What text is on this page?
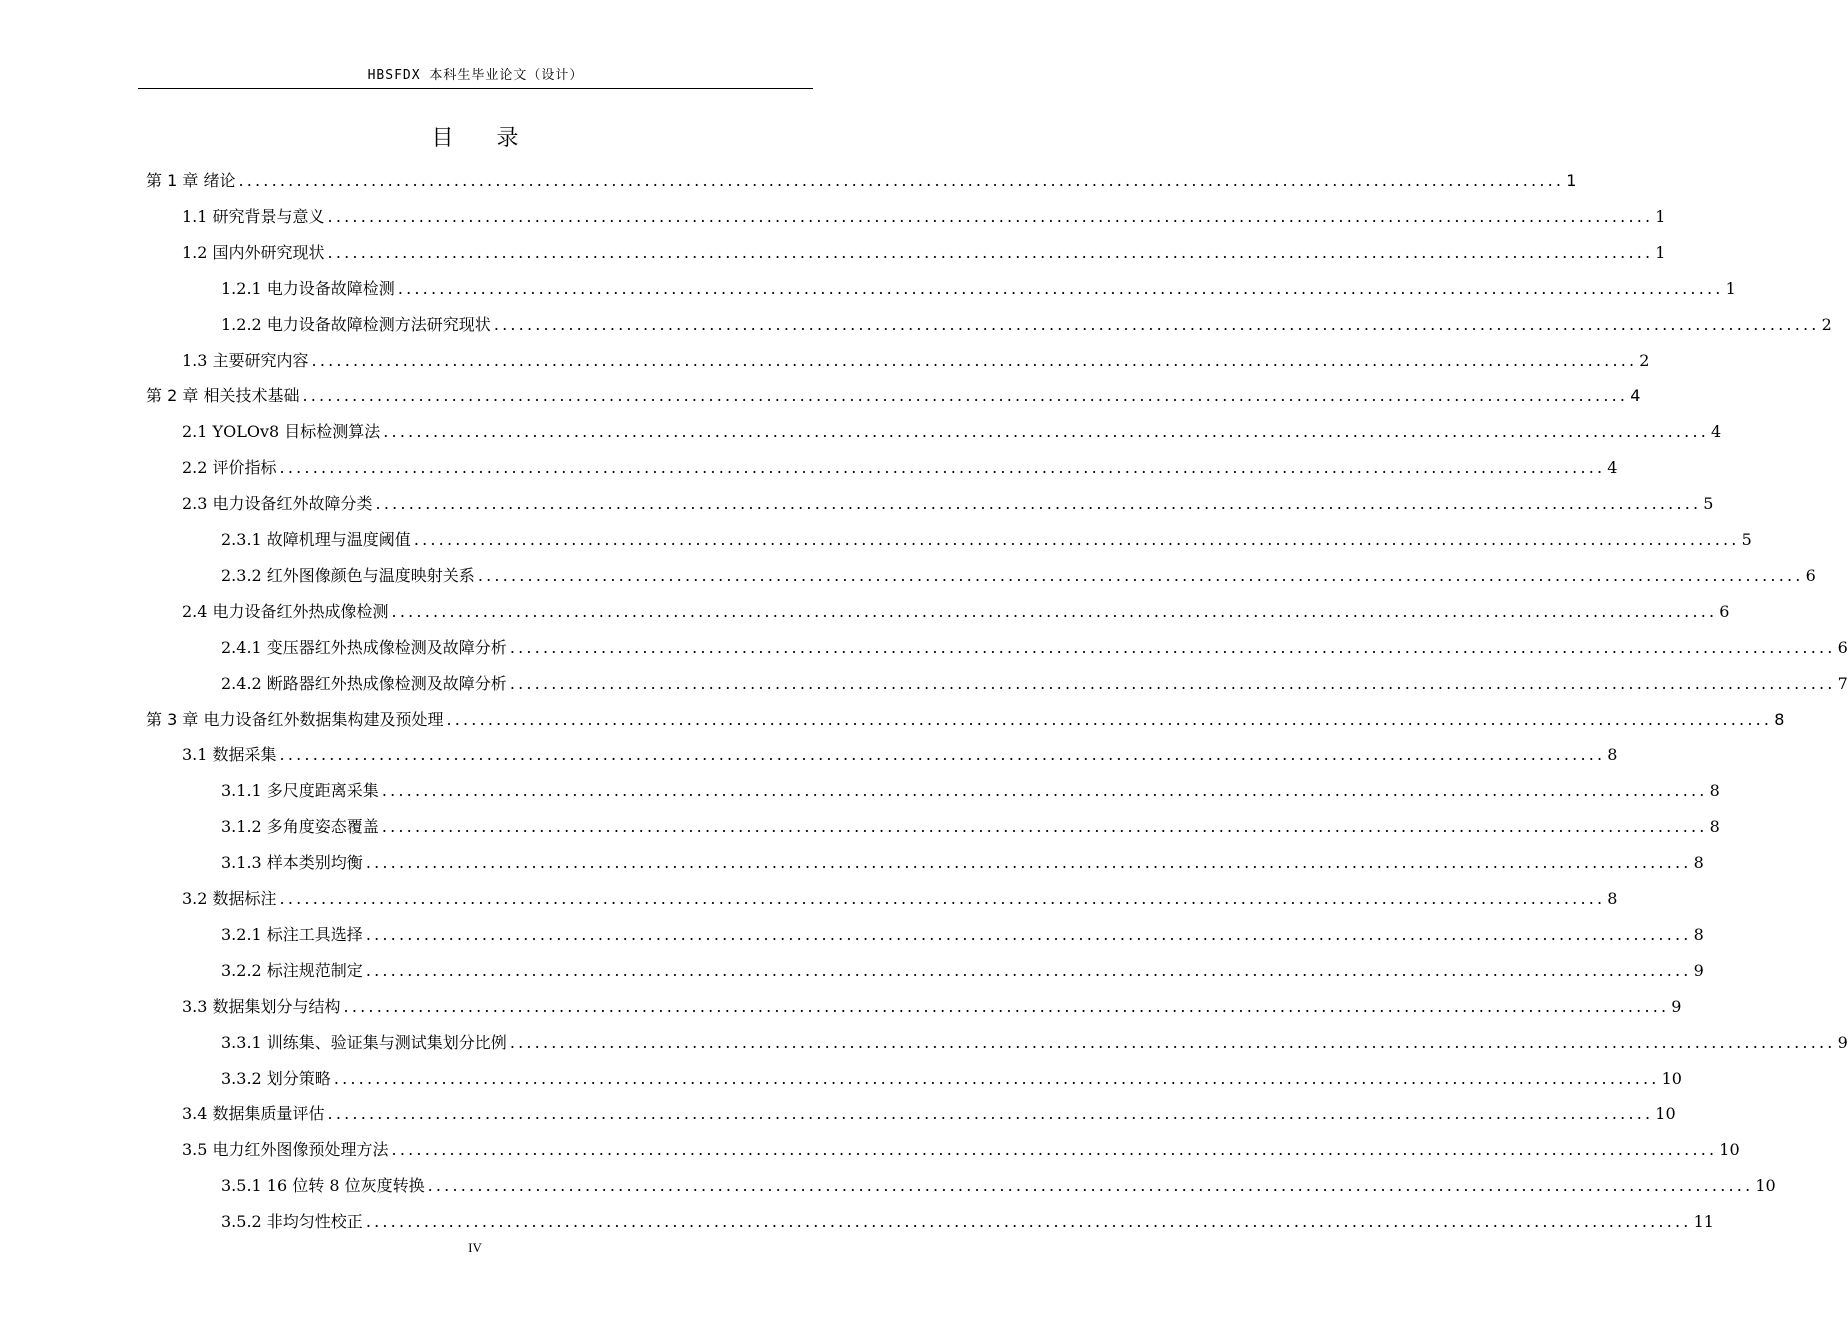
HBSFDX 本科生毕业论文（设计）
目 录
第 1 章 绪论 ................................................................................................................................................................ 1
1.1 研究背景与意义 ................................................................................................................................................................ 1
1.2 国内外研究现状 ................................................................................................................................................................ 1
1.2.1 电力设备故障检测 ................................................................................................................................................................ 1
1.2.2 电力设备故障检测方法研究现状 ................................................................................................................................................................ 2
1.3 主要研究内容 ................................................................................................................................................................ 2
第 2 章 相关技术基础 ................................................................................................................................................................ 4
2.1 YOLOv8 目标检测算法 ................................................................................................................................................................ 4
2.2 评价指标 ................................................................................................................................................................ 4
2.3 电力设备红外故障分类 ................................................................................................................................................................ 5
2.3.1 故障机理与温度阈值 ................................................................................................................................................................ 5
2.3.2 红外图像颜色与温度映射关系 ................................................................................................................................................................ 6
2.4 电力设备红外热成像检测 ................................................................................................................................................................ 6
2.4.1 变压器红外热成像检测及故障分析 ................................................................................................................................................................ 6
2.4.2 断路器红外热成像检测及故障分析 ................................................................................................................................................................ 7
第 3 章 电力设备红外数据集构建及预处理 ................................................................................................................................................................ 8
3.1 数据采集 ................................................................................................................................................................ 8
3.1.1 多尺度距离采集 ................................................................................................................................................................ 8
3.1.2 多角度姿态覆盖 ................................................................................................................................................................ 8
3.1.3 样本类别均衡 ................................................................................................................................................................ 8
3.2 数据标注 ................................................................................................................................................................ 8
3.2.1 标注工具选择 ................................................................................................................................................................ 8
3.2.2 标注规范制定 ................................................................................................................................................................ 9
3.3 数据集划分与结构 ................................................................................................................................................................ 9
3.3.1 训练集、验证集与测试集划分比例 ................................................................................................................................................................ 9
3.3.2 划分策略 ................................................................................................................................................................ 10
3.4 数据集质量评估 ................................................................................................................................................................ 10
3.5 电力红外图像预处理方法 ................................................................................................................................................................ 10
3.5.1 16 位转 8 位灰度转换 ................................................................................................................................................................ 10
3.5.2 非均匀性校正 ................................................................................................................................................................ 11
IV
